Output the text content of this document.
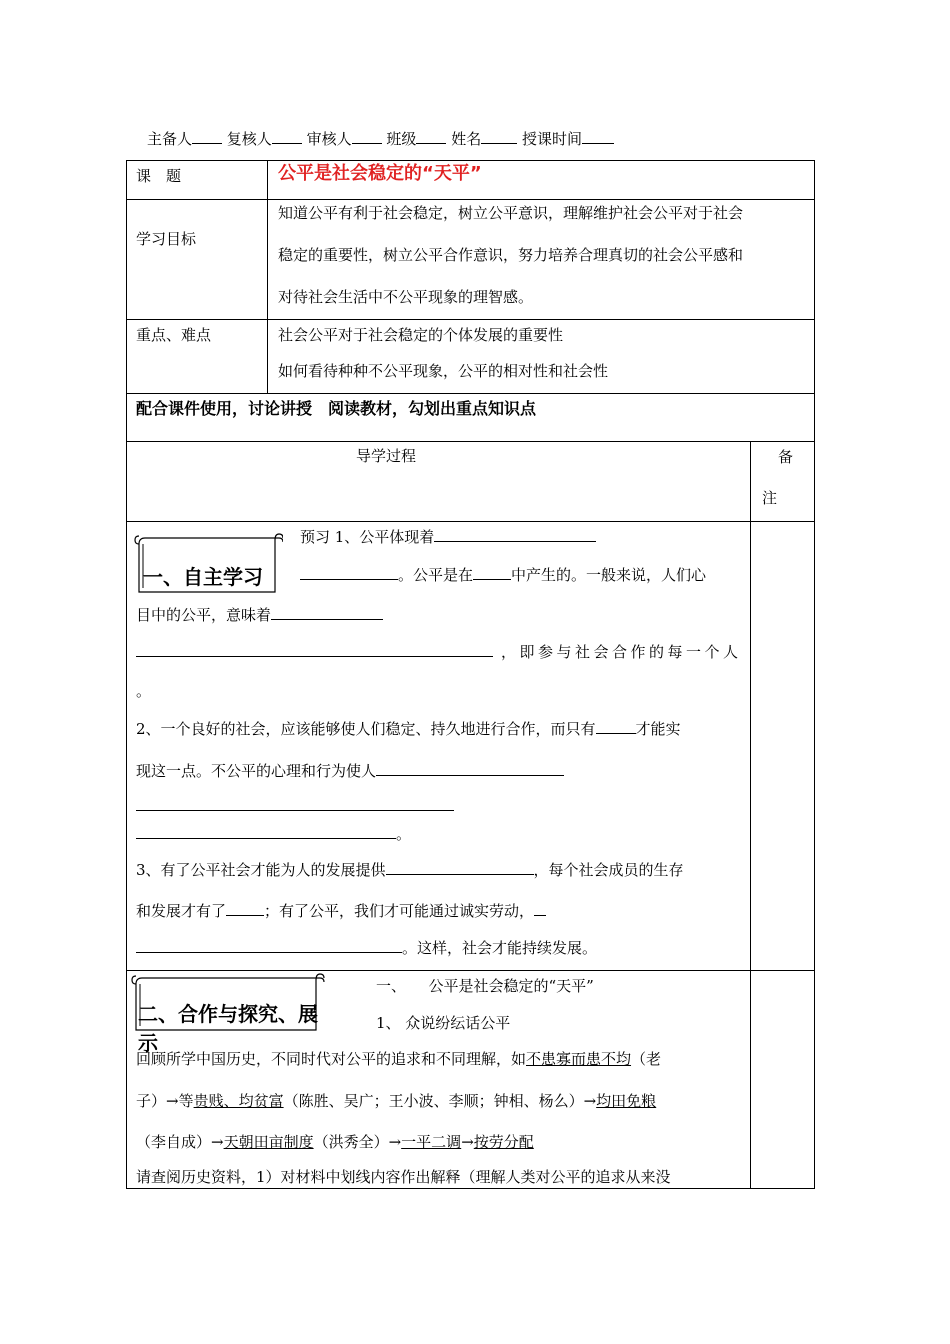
主备人 复核人 审核人 班级 姓名	授课时间
课　题	公平是社会稳定的“天平”
学习目标
知道公平有利于社会稳定，树立公平意识，理解维护社会公平对于社会
稳定的重要性，树立公平合作意识，努力培养合理真切的社会公平感和
对待社会生活中不公平现象的理智感。
重点、难点	社会公平对于社会稳定的个体发展的重要性
如何看待种种不公平现象，公平的相对性和社会性
配合课件使用，讨论讲授　阅读教材，勾划出重点知识点
导学过程	备
注
一、自主学习
预习 1、公平体现着
。公平是在	中产生的。一般来说，人们心
目中的公平，意味着
，即参与社会合作的每一个人
。
2、一个良好的社会，应该能够使人们稳定、持久地进行合作，而只有	才能实
现这一点。不公平的心理和行为使人
。
3、有了公平社会才能为人的发展提供	，每个社会成员的生存
和发展才有了	；有了公平，我们才可能通过诚实劳动，
。这样，社会才能持续发展。
二、合作与探究、展示
一、　　公平是社会稳定的“天平”
1、 众说纷纭话公平
回顾所学中国历史，不同时代对公平的追求和不同理解，如不患寡而患不均（老
子）→等贵贱、均贫富（陈胜、吴广；王小波、李顺；钟相、杨么）→均田免粮
（李自成）→天朝田亩制度（洪秀全）→一平二调→按劳分配
请查阅历史资料，1）对材料中划线内容作出解释（理解人类对公平的追求从来没
